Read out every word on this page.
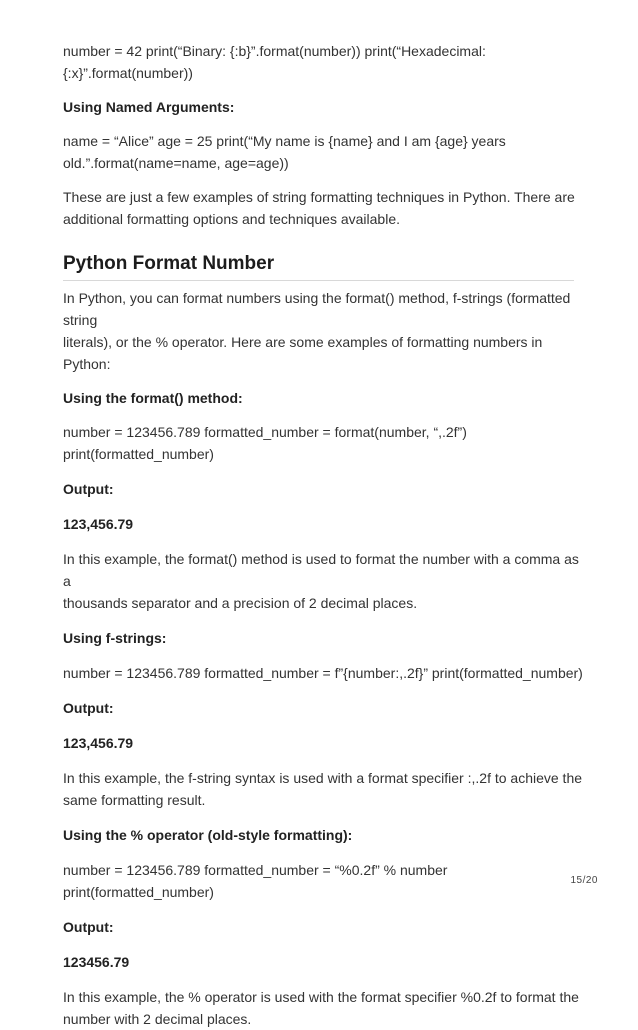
number = 42 print(“Binary: {:b}”.format(number)) print(“Hexadecimal:
{:x}”.format(number))

Using Named Arguments:

name = “Alice” age = 25 print(“My name is {name} and I am {age} years
old.”.format(name=name, age=age))

These are just a few examples of string formatting techniques in Python. There are
additional formatting options and techniques available.

Python Format Number

In Python, you can format numbers using the format() method, f-strings (formatted string
literals), or the % operator. Here are some examples of formatting numbers in Python:

Using the format() method:

number = 123456.789 formatted_number = format(number, “,.2f”)
print(formatted_number)

Output:

123,456.79

In this example, the format() method is used to format the number with a comma as a
thousands separator and a precision of 2 decimal places.

Using f-strings:

number = 123456.789 formatted_number = f”{number:,.2f}” print(formatted_number)

Output:

123,456.79

In this example, the f-string syntax is used with a format specifier :,.2f to achieve the
same formatting result.

Using the % operator (old-style formatting):

number = 123456.789 formatted_number = “%0.2f” % number print(formatted_number)

Output:

123456.79

In this example, the % operator is used with the format specifier %0.2f to format the
number with 2 decimal places.

15/20
